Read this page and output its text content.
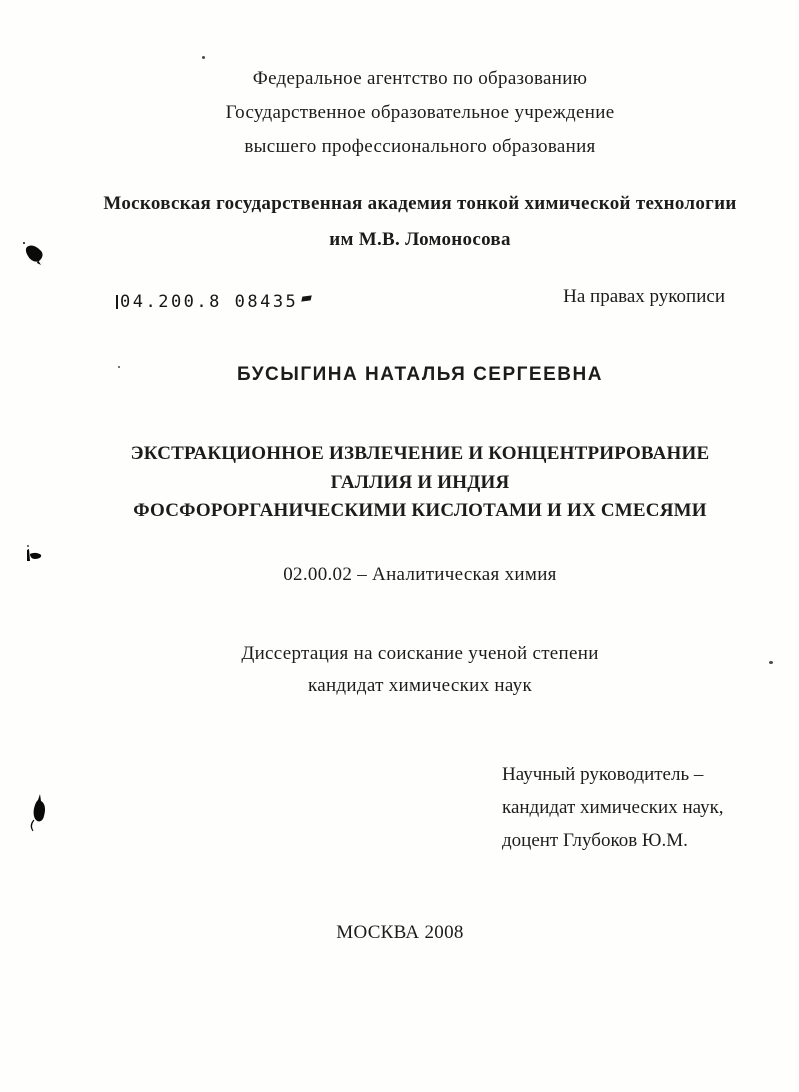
Федеральное агентство по образованию
Государственное образовательное учреждение
высшего профессионального образования
Московская государственная академия тонкой химической технологии
им М.В. Ломоносова
04.200.8 08435	На правах рукописи
БУСЫГИНА НАТАЛЬЯ СЕРГЕЕВНА
ЭКСТРАКЦИОННОЕ ИЗВЛЕЧЕНИЕ И КОНЦЕНТРИРОВАНИЕ
ГАЛЛИЯ И ИНДИЯ
ФОСФОРОРГАНИЧЕСКИМИ КИСЛОТАМИ И ИХ СМЕСЯМИ
02.00.02 – Аналитическая химия
Диссертация на соискание ученой степени
кандидат химических наук
Научный руководитель –
кандидат химических наук,
доцент Глубоков Ю.М.
МОСКВА 2008
